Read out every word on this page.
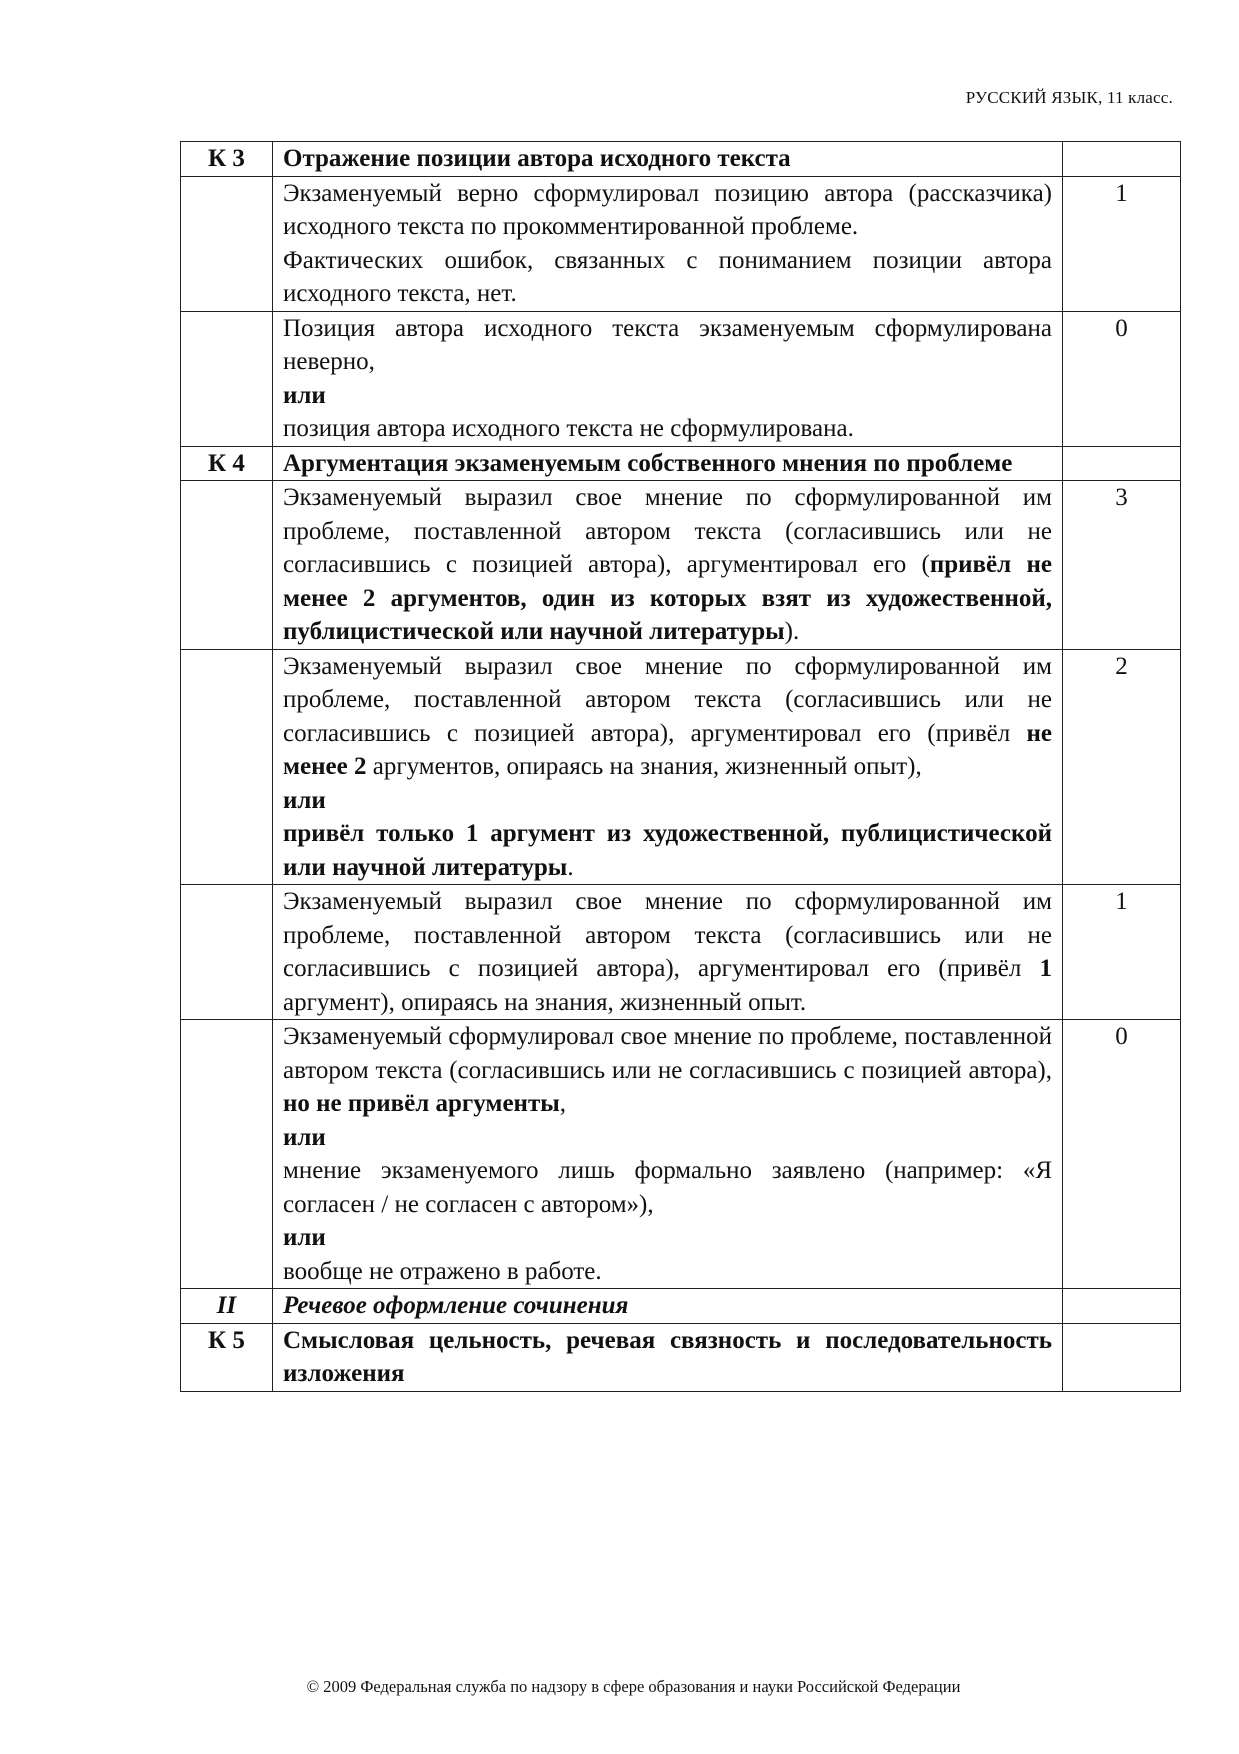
РУССКИЙ ЯЗЫК, 11 класс.
К 3	Отражение позиции автора исходного текста	

	Экзаменуемый верно сформулировал позицию автора (рассказчика) исходного текста по прокомментированной проблеме.
Фактических ошибок, связанных с пониманием позиции автора исходного текста, нет.	1

	Позиция автора исходного текста экзаменуемым сформулирована неверно,
или
позиция автора исходного текста не сформулирована.	0
К 4	Аргументация экзаменуемым собственного мнения по проблеме	
	Экзаменуемый выразил свое мнение по сформулированной им проблеме, поставленной автором текста (согласившись или не согласившись с позицией автора), аргументировал его (привёл не менее 2 аргументов, один из которых взят из художественной, публицистической или научной литературы).	3

	Экзаменуемый выразил свое мнение по сформулированной им проблеме, поставленной автором текста (согласившись или не согласившись с позицией автора), аргументировал его (привёл не менее 2 аргументов, опираясь на знания, жизненный опыт),
или
привёл только 1 аргумент из художественной, публицистической или научной литературы.	2
	Экзаменуемый выразил свое мнение по сформулированной им проблеме, поставленной автором текста (согласившись или не согласившись с позицией автора), аргументировал его (привёл 1 аргумент), опираясь на знания, жизненный опыт.	1

	Экзаменуемый сформулировал свое мнение по проблеме, поставленной автором текста (согласившись или не согласившись с позицией автора), но не привёл аргументы,
или
мнение экзаменуемого лишь формально заявлено (например: «Я согласен / не согласен с автором»),
или
вообще не отражено в работе.	0
II	Речевое оформление сочинения	
К 5	Смысловая цельность, речевая связность и последовательность изложения	
© 2009 Федеральная служба по надзору в сфере образования и науки Российской Федерации
